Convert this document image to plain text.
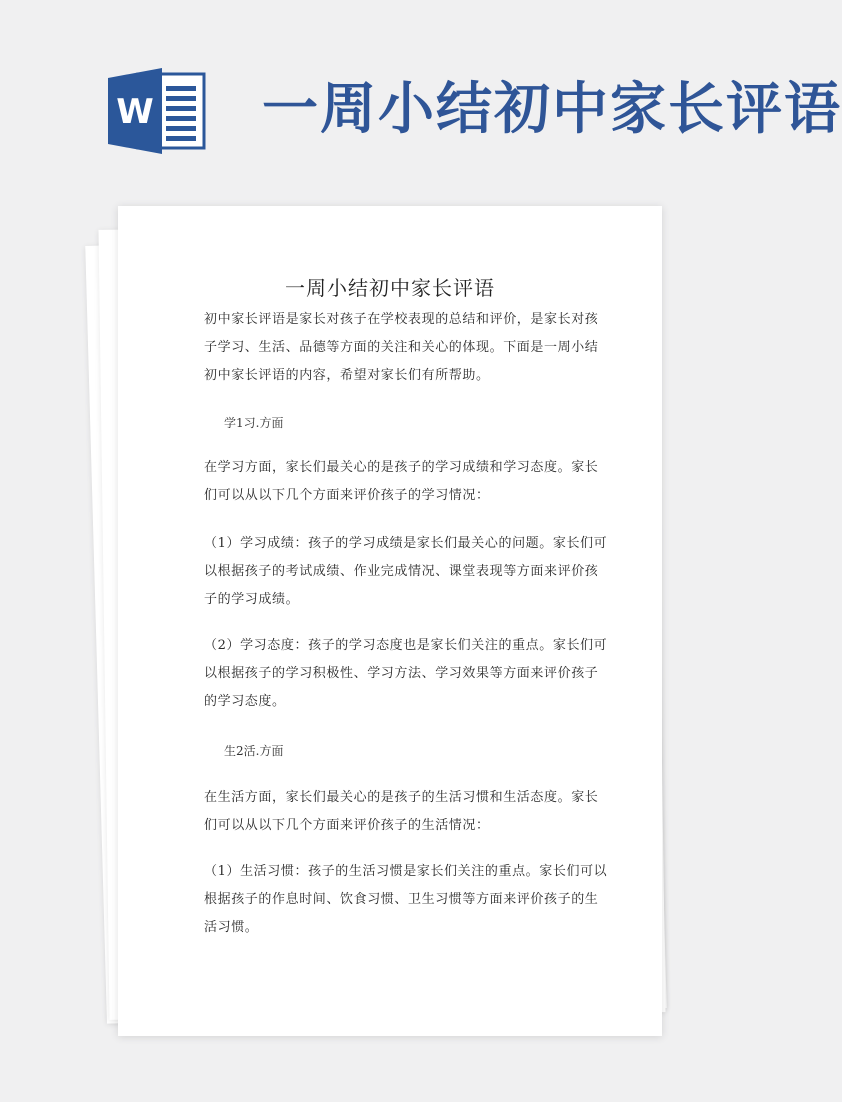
W 一周小结初中家长评语
一周小结初中家长评语

初中家长评语是家长对孩子在学校表现的总结和评价，是家长对孩子学习、生活、品德等方面的关注和关心的体现。下面是一周小结初中家长评语的内容，希望对家长们有所帮助。

学1习.方面

在学习方面，家长们最关心的是孩子的学习成绩和学习态度。家长们可以从以下几个方面来评价孩子的学习情况：

（1）学习成绩：孩子的学习成绩是家长们最关心的问题。家长们可以根据孩子的考试成绩、作业完成情况、课堂表现等方面来评价孩子的学习成绩。

（2）学习态度：孩子的学习态度也是家长们关注的重点。家长们可以根据孩子的学习积极性、学习方法、学习效果等方面来评价孩子的学习态度。

生2活.方面

在生活方面，家长们最关心的是孩子的生活习惯和生活态度。家长们可以从以下几个方面来评价孩子的生活情况：

（1）生活习惯：孩子的生活习惯是家长们关注的重点。家长们可以根据孩子的作息时间、饮食习惯、卫生习惯等方面来评价孩子的生活习惯。
